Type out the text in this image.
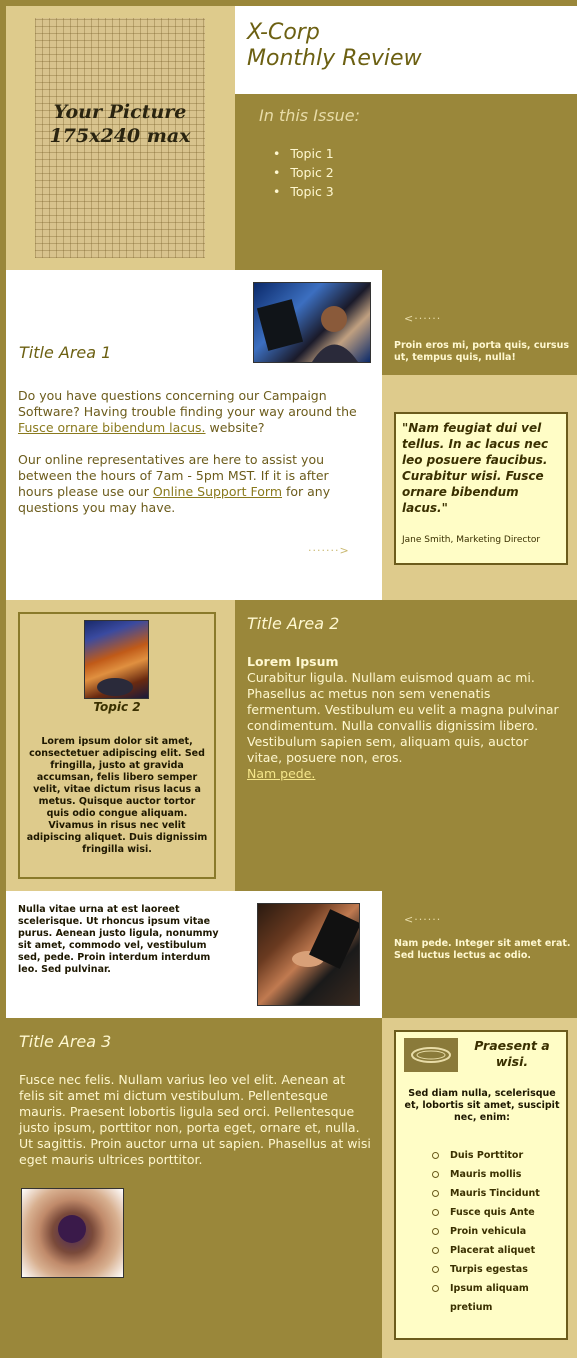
Your Picture
175x240 max
X-Corp
Monthly Review
In this Issue:
• Topic 1
• Topic 2
• Topic 3
Title Area 1
Do you have questions concerning our Campaign Software? Having trouble finding your way around the Fusce ornare bibendum lacus. website?
Our online representatives are here to assist you between the hours of 7am - 5pm MST. If it is after hours please use our Online Support Form for any questions you may have.
·······>
<······
Proin eros mi, porta quis, cursus ut, tempus quis, nulla!
"Nam feugiat dui vel tellus. In ac lacus nec leo posuere faucibus. Curabitur wisi. Fusce ornare bibendum lacus."
Jane Smith, Marketing Director
Topic 2
Lorem ipsum dolor sit amet, consectetuer adipiscing elit. Sed fringilla, justo at gravida accumsan, felis libero semper velit, vitae dictum risus lacus a metus. Quisque auctor tortor quis odio congue aliquam. Vivamus in risus nec velit adipiscing aliquet. Duis dignissim fringilla wisi.
Title Area 2
Lorem Ipsum
Curabitur ligula. Nullam euismod quam ac mi. Phasellus ac metus non sem venenatis fermentum. Vestibulum eu velit a magna pulvinar condimentum. Nulla convallis dignissim libero. Vestibulum sapien sem, aliquam quis, auctor vitae, posuere non, eros.
Nam pede.
Nulla vitae urna at est laoreet scelerisque. Ut rhoncus ipsum vitae purus. Aenean justo ligula, nonummy sit amet, commodo vel, vestibulum sed, pede. Proin interdum interdum leo. Sed pulvinar.
<······
Nam pede. Integer sit amet erat. Sed luctus lectus ac odio.
Title Area 3
Fusce nec felis. Nullam varius leo vel elit. Aenean at felis sit amet mi dictum vestibulum. Pellentesque mauris. Praesent lobortis ligula sed orci. Pellentesque justo ipsum, porttitor non, porta eget, ornare et, nulla. Ut sagittis. Proin auctor urna ut sapien. Phasellus at wisi eget mauris ultrices porttitor.
Praesent a wisi.
Sed diam nulla, scelerisque et, lobortis sit amet, suscipit nec, enim:
Duis Porttitor
Mauris mollis
Mauris Tincidunt
Fusce quis Ante
Proin vehicula
Placerat aliquet
Turpis egestas
Ipsum aliquam pretium
